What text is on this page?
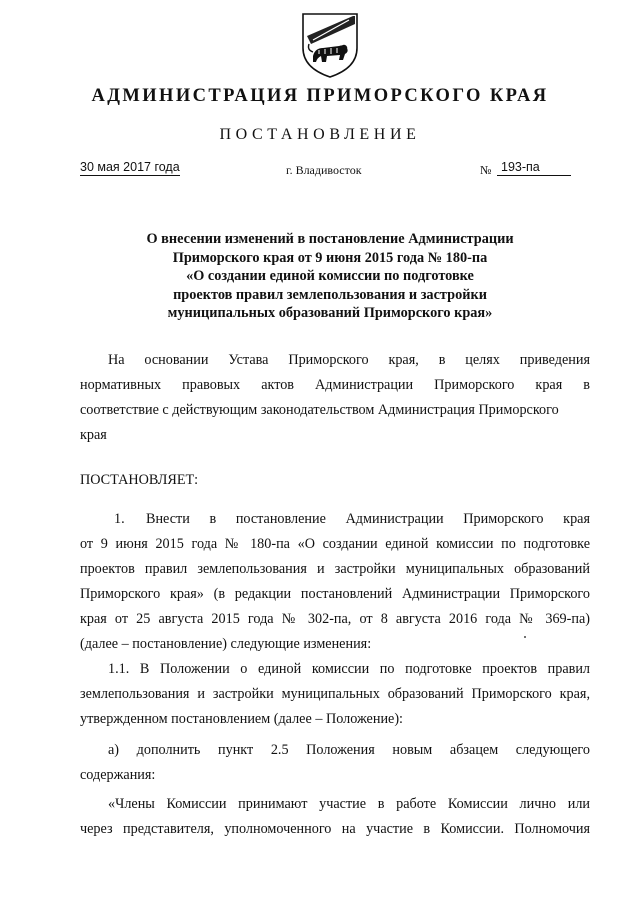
АДМИНИСТРАЦИЯ ПРИМОРСКОГО КРАЯ
ПОСТАНОВЛЕНИЕ
30 мая 2017 года	г. Владивосток	№ 193-па
О внесении изменений в постановление Администрации
Приморского края от 9 июня 2015 года № 180-па
«О создании единой комиссии по подготовке
проектов правил землепользования и застройки
муниципальных образований Приморского края»
На основании Устава Приморского края, в целях приведения
нормативных правовых актов Администрации Приморского края в
соответствие с действующим законодательством Администрация Приморского
края
ПОСТАНОВЛЯЕТ:
1. Внести в постановление Администрации Приморского края
от 9 июня 2015 года № 180-па «О создании единой комиссии по подготовке
проектов правил землепользования и застройки муниципальных образований
Приморского края» (в редакции постановлений Администрации Приморского
края от 25 августа 2015 года № 302-па, от 8 августа 2016 года № 369-па)
(далее – постановление) следующие изменения:
1.1. В Положении о единой комиссии по подготовке проектов правил
землепользования и застройки муниципальных образований Приморского края,
утвержденном постановлением (далее – Положение):
а) дополнить пункт 2.5 Положения новым абзацем следующего
содержания:
«Члены Комиссии принимают участие в работе Комиссии лично или
через представителя, уполномоченного на участие в Комиссии. Полномочия
